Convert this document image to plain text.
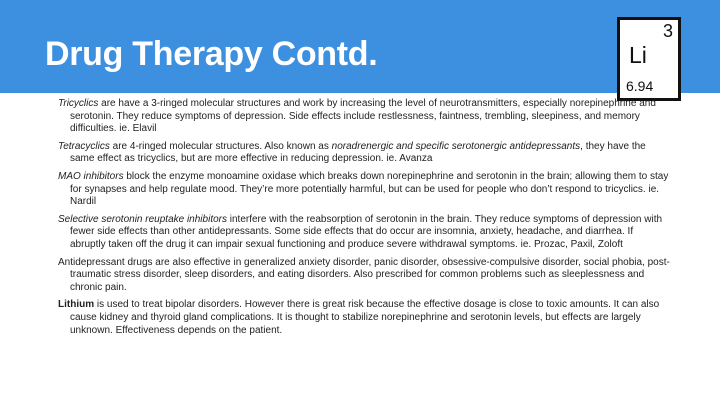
Drug Therapy Contd.
3
Li
6.94

Tricyclics are have a 3-ringed molecular structures and work by increasing the level of neurotransmitters, especially norepinephrine and serotonin. They reduce symptoms of depression. Side effects include restlessness, faintness, trembling, sleepiness, and memory difficulties. ie. Elavil

Tetracyclics are 4-ringed molecular structures. Also known as noradrenergic and specific serotonergic antidepressants, they have the same effect as tricyclics, but are more effective in reducing depression. ie. Avanza

MAO inhibitors block the enzyme monoamine oxidase which breaks down norepinephrine and serotonin in the brain; allowing them to stay for synapses and help regulate mood. They’re more potentially harmful, but can be used for people who don’t respond to tricyclics. ie. Nardil

Selective serotonin reuptake inhibitors interfere with the reabsorption of serotonin in the brain. They reduce symptoms of depression with fewer side effects than other antidepressants. Some side effects that do occur are insomnia, anxiety, headache, and diarrhea. If abruptly taken off the drug it can impair sexual functioning and produce severe withdrawal symptoms. ie. Prozac, Paxil, Zoloft

Antidepressant drugs are also effective in generalized anxiety disorder, panic disorder, obsessive-compulsive disorder, social phobia, post-traumatic stress disorder, sleep disorders, and eating disorders. Also prescribed for common problems such as sleeplessness and chronic pain.

Lithium is used to treat bipolar disorders. However there is great risk because the effective dosage is close to toxic amounts. It can also cause kidney and thyroid gland complications. It is thought to stabilize norepinephrine and serotonin levels, but effects are largely unknown. Effectiveness depends on the patient.
